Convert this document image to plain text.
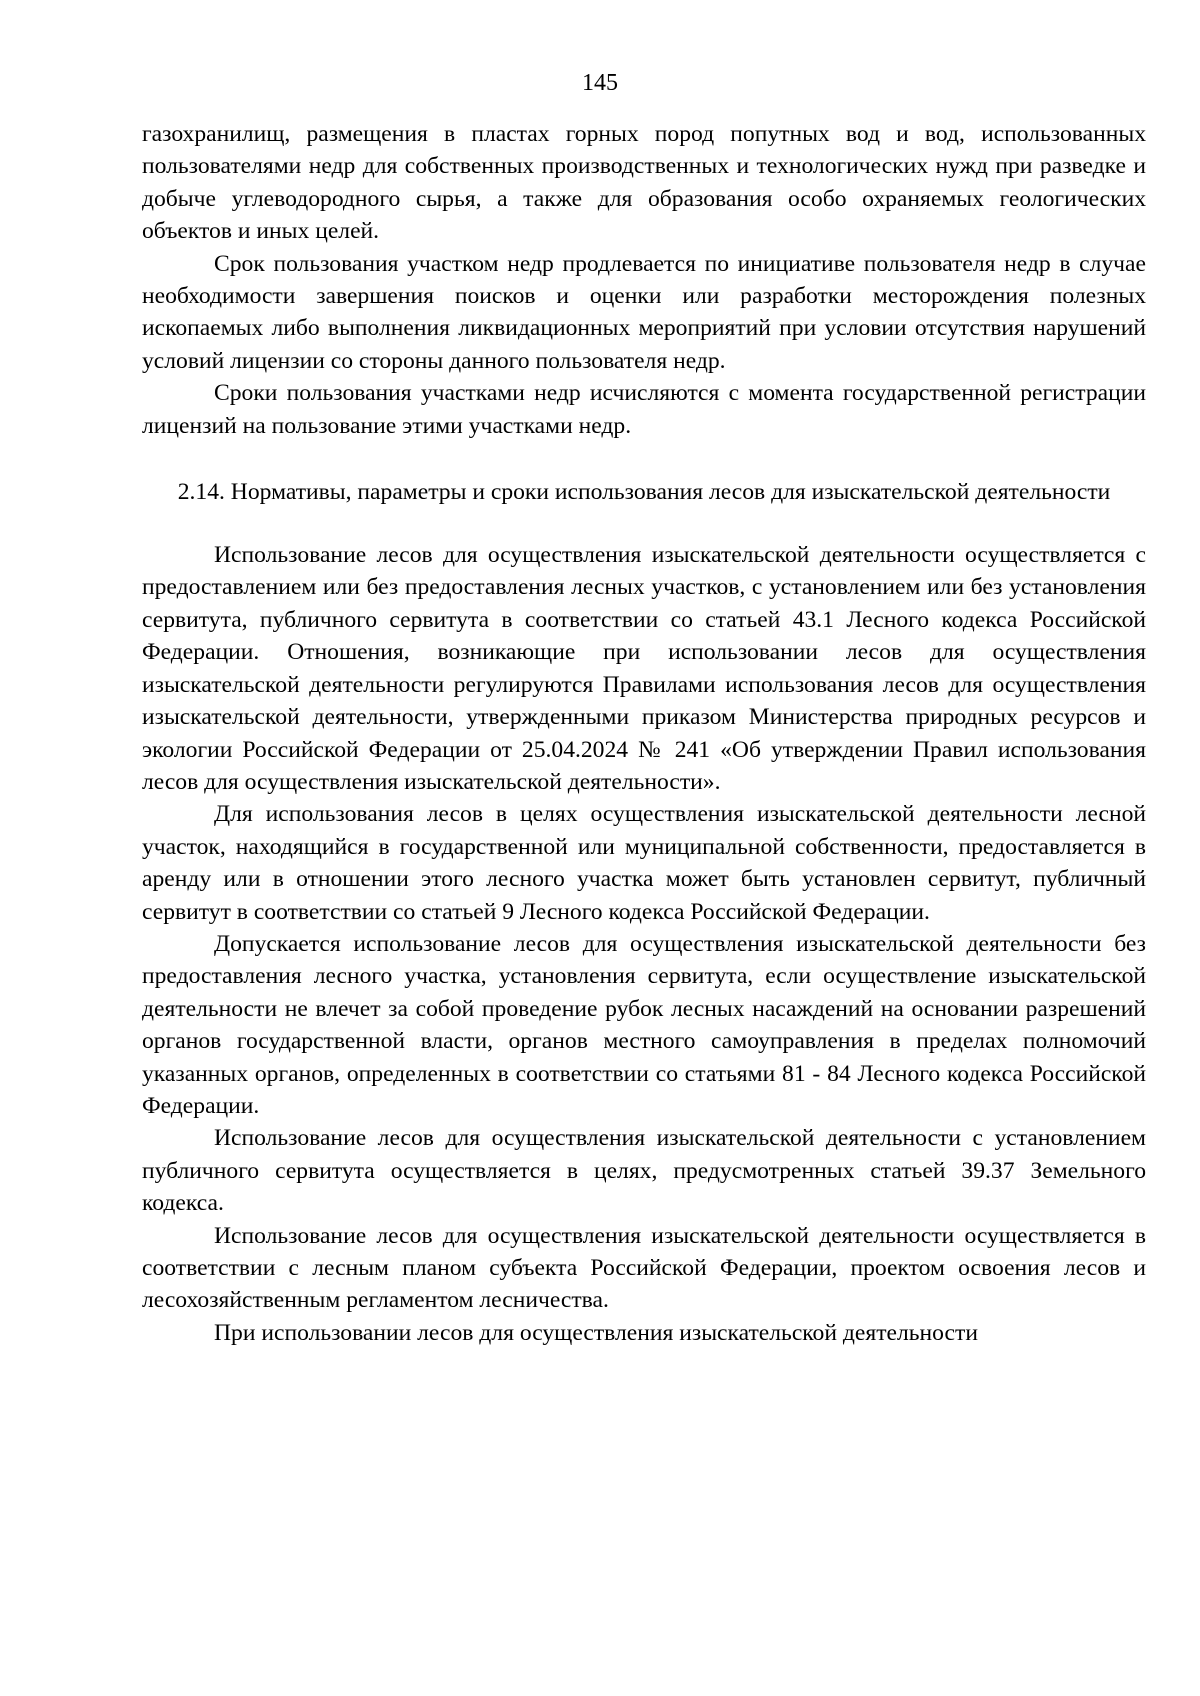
145

газохранилищ, размещения в пластах горных пород попутных вод и вод, использованных пользователями недр для собственных производственных и технологических нужд при разведке и добыче углеводородного сырья, а также для образования особо охраняемых геологических объектов и иных целей.

Срок пользования участком недр продлевается по инициативе пользователя недр в случае необходимости завершения поисков и оценки или разработки месторождения полезных ископаемых либо выполнения ликвидационных мероприятий при условии отсутствия нарушений условий лицензии со стороны данного пользователя недр.

Сроки пользования участками недр исчисляются с момента государственной регистрации лицензий на пользование этими участками недр.

2.14. Нормативы, параметры и сроки использования лесов для изыскательской деятельности

Использование лесов для осуществления изыскательской деятельности осуществляется с предоставлением или без предоставления лесных участков, с установлением или без установления сервитута, публичного сервитута в соответствии со статьей 43.1 Лесного кодекса Российской Федерации. Отношения, возникающие при использовании лесов для осуществления изыскательской деятельности регулируются Правилами использования лесов для осуществления изыскательской деятельности, утвержденными приказом Министерства природных ресурсов и экологии Российской Федерации от 25.04.2024 № 241 «Об утверждении Правил использования лесов для осуществления изыскательской деятельности».

Для использования лесов в целях осуществления изыскательской деятельности лесной участок, находящийся в государственной или муниципальной собственности, предоставляется в аренду или в отношении этого лесного участка может быть установлен сервитут, публичный сервитут в соответствии со статьей 9 Лесного кодекса Российской Федерации.

Допускается использование лесов для осуществления изыскательской деятельности без предоставления лесного участка, установления сервитута, если осуществление изыскательской деятельности не влечет за собой проведение рубок лесных насаждений на основании разрешений органов государственной власти, органов местного самоуправления в пределах полномочий указанных органов, определенных в соответствии со статьями 81 - 84 Лесного кодекса Российской Федерации.

Использование лесов для осуществления изыскательской деятельности с установлением публичного сервитута осуществляется в целях, предусмотренных статьей 39.37 Земельного кодекса.

Использование лесов для осуществления изыскательской деятельности осуществляется в соответствии с лесным планом субъекта Российской Федерации, проектом освоения лесов и лесохозяйственным регламентом лесничества.

При использовании лесов для осуществления изыскательской деятельности
